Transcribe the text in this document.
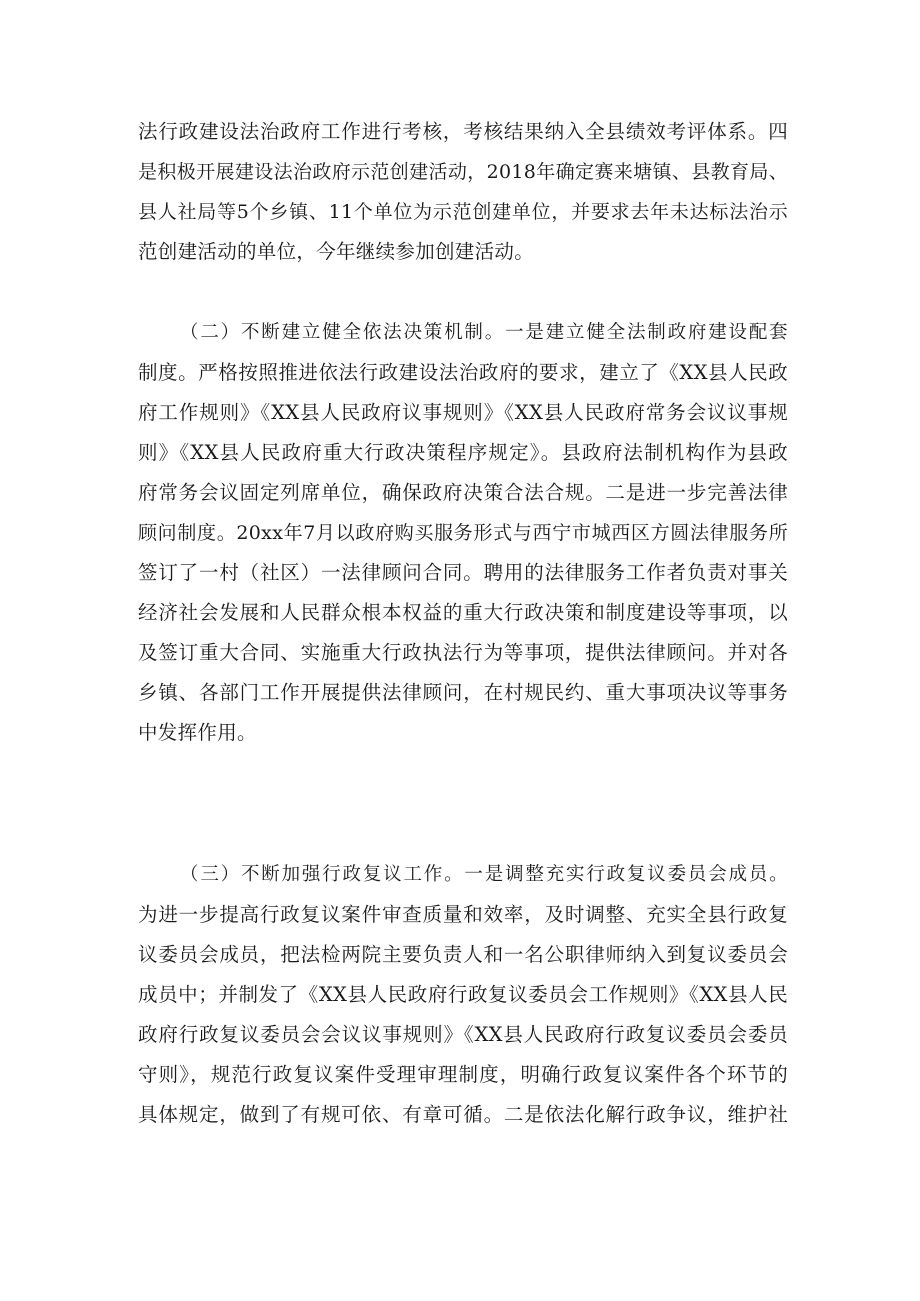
法行政建设法治政府工作进行考核，考核结果纳入全县绩效考评体系。四
是积极开展建设法治政府示范创建活动，2018年确定赛来塘镇、县教育局、
县人社局等5个乡镇、11个单位为示范创建单位，并要求去年未达标法治示
范创建活动的单位，今年继续参加创建活动。
（二）不断建立健全依法决策机制。一是建立健全法制政府建设配套
制度。严格按照推进依法行政建设法治政府的要求，建立了《XX县人民政
府工作规则》《XX县人民政府议事规则》《XX县人民政府常务会议议事规
则》《XX县人民政府重大行政决策程序规定》。县政府法制机构作为县政
府常务会议固定列席单位，确保政府决策合法合规。二是进一步完善法律
顾问制度。20xx年7月以政府购买服务形式与西宁市城西区方圆法律服务所
签订了一村（社区）一法律顾问合同。聘用的法律服务工作者负责对事关
经济社会发展和人民群众根本权益的重大行政决策和制度建设等事项，以
及签订重大合同、实施重大行政执法行为等事项，提供法律顾问。并对各
乡镇、各部门工作开展提供法律顾问，在村规民约、重大事项决议等事务
中发挥作用。
（三）不断加强行政复议工作。一是调整充实行政复议委员会成员。
为进一步提高行政复议案件审查质量和效率，及时调整、充实全县行政复
议委员会成员，把法检两院主要负责人和一名公职律师纳入到复议委员会
成员中；并制发了《XX县人民政府行政复议委员会工作规则》《XX县人民
政府行政复议委员会会议议事规则》《XX县人民政府行政复议委员会委员
守则》，规范行政复议案件受理审理制度，明确行政复议案件各个环节的
具体规定，做到了有规可依、有章可循。二是依法化解行政争议，维护社
